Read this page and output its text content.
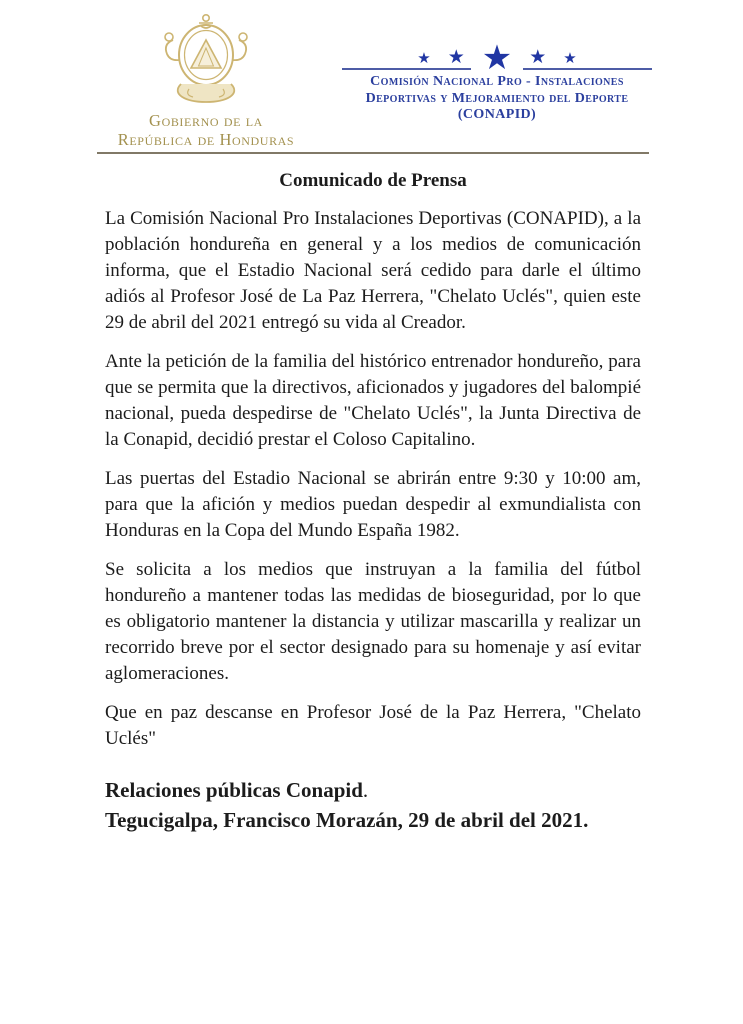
Gobierno de la
República de Honduras
★ ★ ★ ★ ★
Comisión Nacional Pro - Instalaciones
Deportivas y Mejoramiento del Deporte
(CONAPID)
Comunicado de Prensa

La Comisión Nacional Pro Instalaciones Deportivas (CONAPID), a la población hondureña en general y a los medios de comunicación informa, que el Estadio Nacional será cedido para darle el último adiós al Profesor José de La Paz Herrera, "Chelato Uclés", quien este 29 de abril del 2021 entregó su vida al Creador.

Ante la petición de la familia del histórico entrenador hondureño, para que se permita que la directivos, aficionados y jugadores del balompié nacional, pueda despedirse de "Chelato Uclés", la Junta Directiva de la Conapid, decidió prestar el Coloso Capitalino.

Las puertas del Estadio Nacional se abrirán entre 9:30 y 10:00 am, para que la afición y medios puedan despedir al exmundialista con Honduras en la Copa del Mundo España 1982.

Se solicita a los medios que instruyan a la familia del fútbol hondureño a mantener todas las medidas de bioseguridad, por lo que es obligatorio mantener la distancia y utilizar mascarilla y realizar un recorrido breve por el sector designado para su homenaje y así evitar aglomeraciones.

Que en paz descanse en Profesor José de la Paz Herrera, "Chelato Uclés"

Relaciones públicas Conapid.
Tegucigalpa, Francisco Morazán, 29 de abril del 2021.
